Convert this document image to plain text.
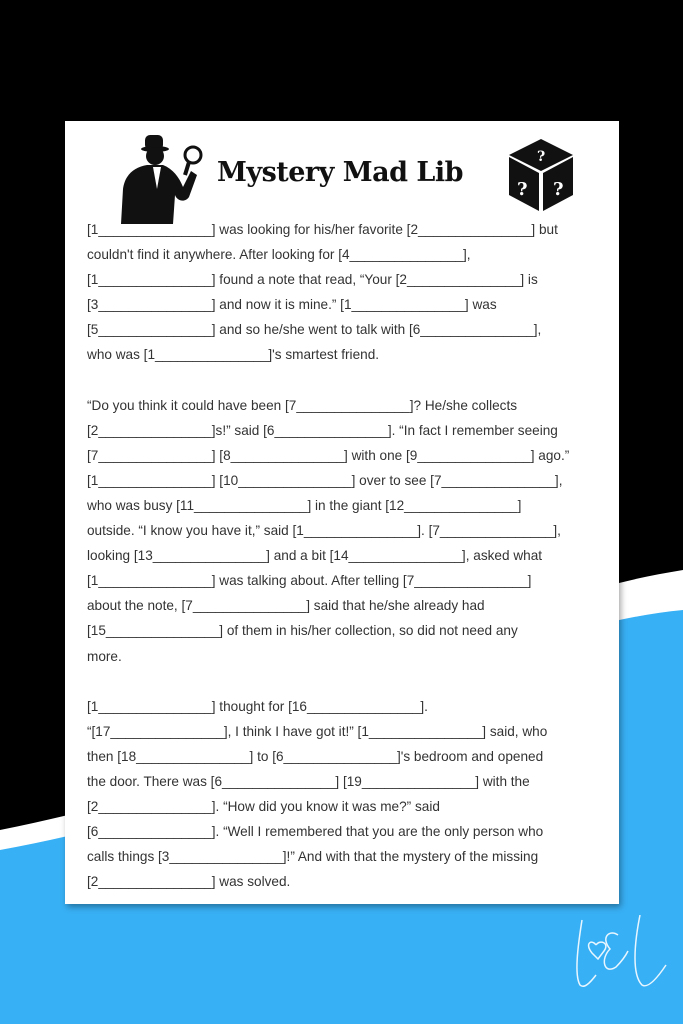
Mystery Mad Lib	?
? ?
[1_______________] was looking for his/her favorite [2_______________] but
couldn't find it anywhere. After looking for [4_______________],
[1_______________] found a note that read, “Your [2_______________] is
[3_______________] and now it is mine.” [1_______________] was
[5_______________] and so he/she went to talk with [6_______________],
who was [1_______________]'s smartest friend.
“Do you think it could have been [7_______________]? He/she collects
[2_______________]s!” said [6_______________]. “In fact I remember seeing
[7_______________] [8_______________] with one [9_______________] ago.”
[1_______________] [10_______________] over to see [7_______________],
who was busy [11_______________] in the giant [12_______________]
outside. “I know you have it,” said [1_______________]. [7_______________],
looking [13_______________] and a bit [14_______________], asked what
[1_______________] was talking about. After telling [7_______________]
about the note, [7_______________] said that he/she already had
[15_______________] of them in his/her collection, so did not need any
more.
[1_______________] thought for [16_______________].
“[17_______________], I think I have got it!” [1_______________] said, who
then [18_______________] to [6_______________]'s bedroom and opened
the door. There was [6_______________] [19_______________] with the
[2_______________]. “How did you know it was me?” said
[6_______________]. “Well I remembered that you are the only person who
calls things [3_______________]!” And with that the mystery of the missing
[2_______________] was solved.
